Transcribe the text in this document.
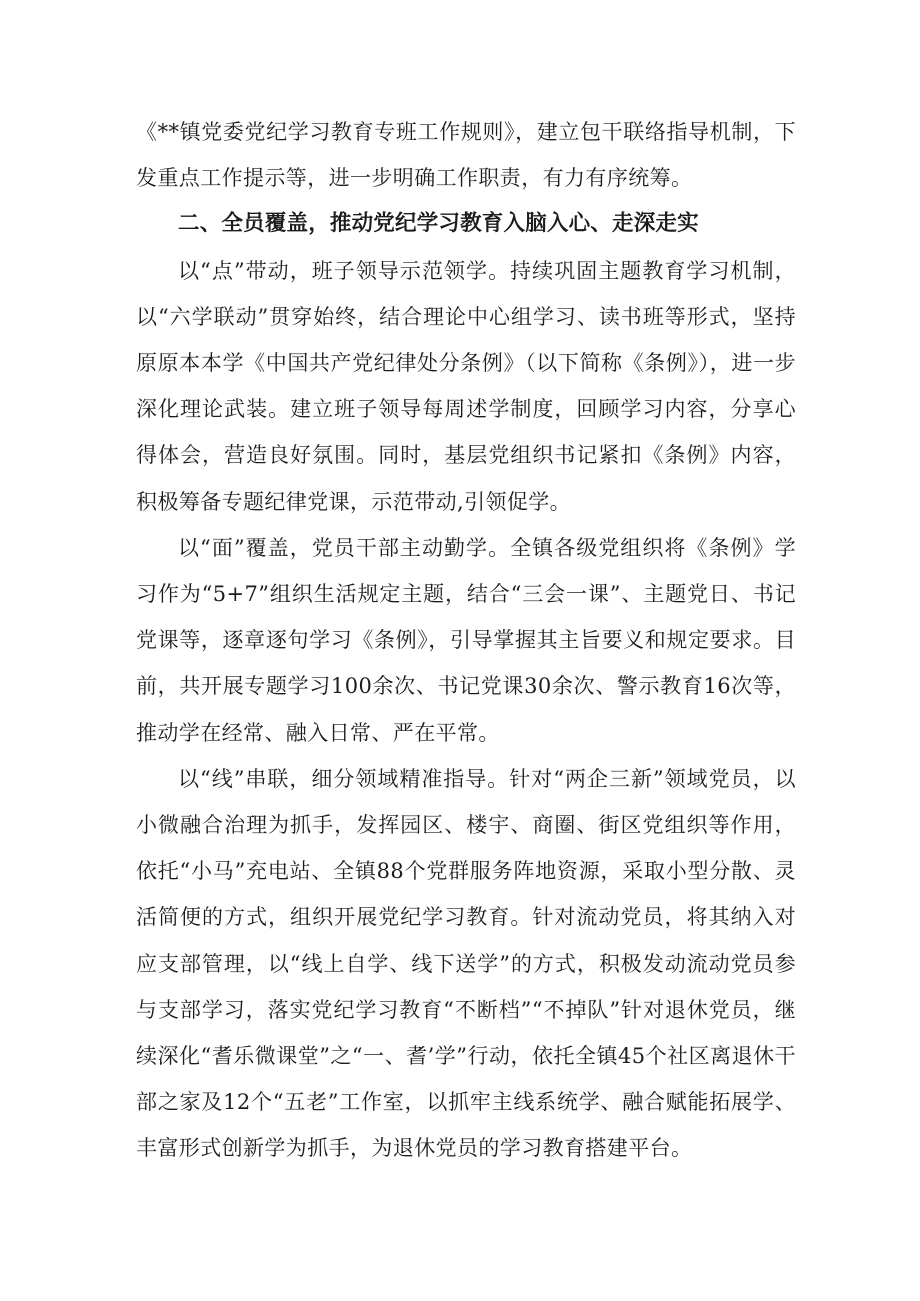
《**镇党委党纪学习教育专班工作规则》，建立包干联络指导机制，下发重点工作提示等，进一步明确工作职责，有力有序统筹。

二、全员覆盖，推动党纪学习教育入脑入心、走深走实

以“点”带动，班子领导示范领学。持续巩固主题教育学习机制，以“六学联动”贯穿始终，结合理论中心组学习、读书班等形式，坚持原原本本学《中国共产党纪律处分条例》（以下简称《条例》），进一步深化理论武装。建立班子领导每周述学制度，回顾学习内容，分享心得体会，营造良好氛围。同时，基层党组织书记紧扣《条例》内容，积极筹备专题纪律党课，示范带动,引领促学。

以“面”覆盖，党员干部主动勤学。全镇各级党组织将《条例》学习作为“5+7”组织生活规定主题，结合“三会一课”、主题党日、书记党课等，逐章逐句学习《条例》，引导掌握其主旨要义和规定要求。目前，共开展专题学习100余次、书记党课30余次、警示教育16次等，推动学在经常、融入日常、严在平常。

以“线”串联，细分领域精准指导。针对“两企三新”领域党员，以小微融合治理为抓手，发挥园区、楼宇、商圈、街区党组织等作用，依托“小马”充电站、全镇88个党群服务阵地资源，采取小型分散、灵活简便的方式，组织开展党纪学习教育。针对流动党员，将其纳入对应支部管理，以“线上自学、线下送学”的方式，积极发动流动党员参与支部学习，落实党纪学习教育“不断档”“不掉队”针对退休党员，继续深化“耆乐微课堂”之“一、耆’学”行动，依托全镇45个社区离退休干部之家及12个“五老”工作室，以抓牢主线系统学、融合赋能拓展学、丰富形式创新学为抓手，为退休党员的学习教育搭建平台。
